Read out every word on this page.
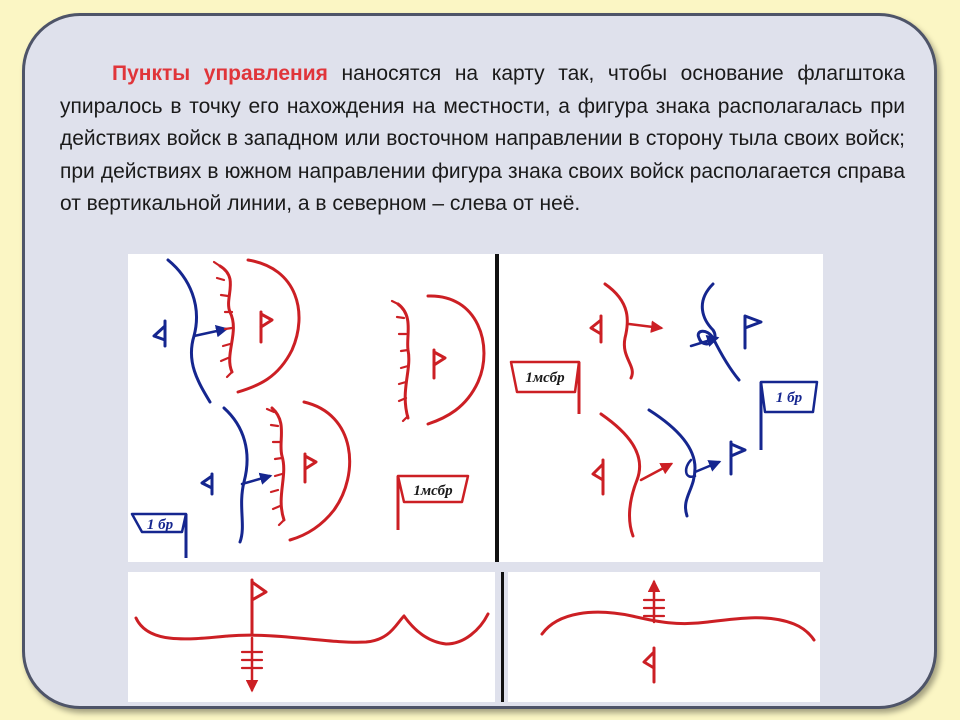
Пункты управления наносятся на карту так, чтобы основание флагштока упиралось в точку его нахождения на местности, а фигура знака располагалась при действиях войск в западном или восточном направлении в сторону тыла своих войск; при действиях в южном направлении фигура знака своих войск располагается справа от вертикальной линии, а в северном – слева от неё.

1 бр
1мсбр
1мсбр
1 бр
